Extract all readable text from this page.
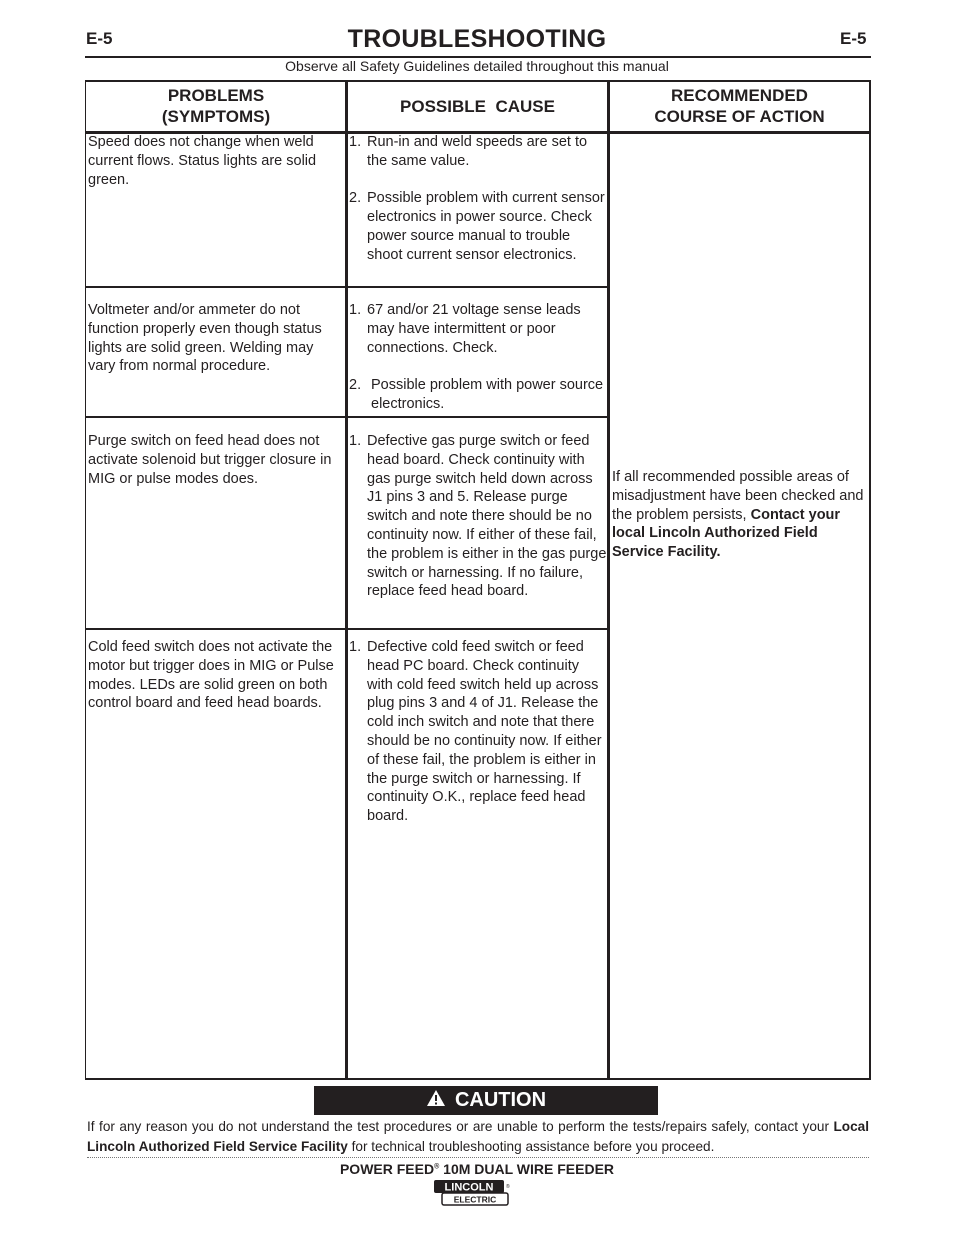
E-5	TROUBLESHOOTING	E-5
Observe all Safety Guidelines detailed throughout this manual
PROBLEMS
(SYMPTOMS)
POSSIBLE  CAUSE
RECOMMENDED
COURSE OF ACTION
Speed does not change when weld current flows. Status lights are solid green.
1. Run-in and weld speeds are set to the same value.
2. Possible problem with current sensor electronics in power source. Check power source manual to trouble shoot current sensor electronics.
Voltmeter and/or ammeter do not function properly even though status lights are solid green. Welding may vary from normal procedure.
1. 67 and/or 21 voltage sense leads may have intermittent or poor connections. Check.
2. Possible problem with power source electronics.
Purge switch on feed head does not activate solenoid but trigger closure in MIG or pulse modes does.
1. Defective gas purge switch or feed head board. Check continuity with gas purge switch held down across J1 pins 3 and 5. Release purge switch and note there should be no continuity now. If either of these fail, the problem is either in the gas purge switch or harnessing. If no failure, replace feed head board.
Cold feed switch does not activate the motor but trigger does in MIG or Pulse modes. LEDs are solid green on both control board and feed head boards.
1. Defective cold feed switch or feed head PC board. Check continuity with cold feed switch held up across plug pins 3 and 4 of J1. Release the cold inch switch and note that there should be no continuity now. If either of these fail, the problem is either in the purge switch or harnessing. If continuity O.K., replace feed head board.
If all recommended possible areas of misadjustment have been checked and the problem persists, Contact your local Lincoln Authorized Field Service Facility.
CAUTION
If for any reason you do not understand the test procedures or are unable to perform the tests/repairs safely, contact your Local  Lincoln Authorized Field Service Facility for technical troubleshooting assistance before you proceed.
POWER FEED® 10M DUAL WIRE FEEDER
LINCOLN
ELECTRIC
®
